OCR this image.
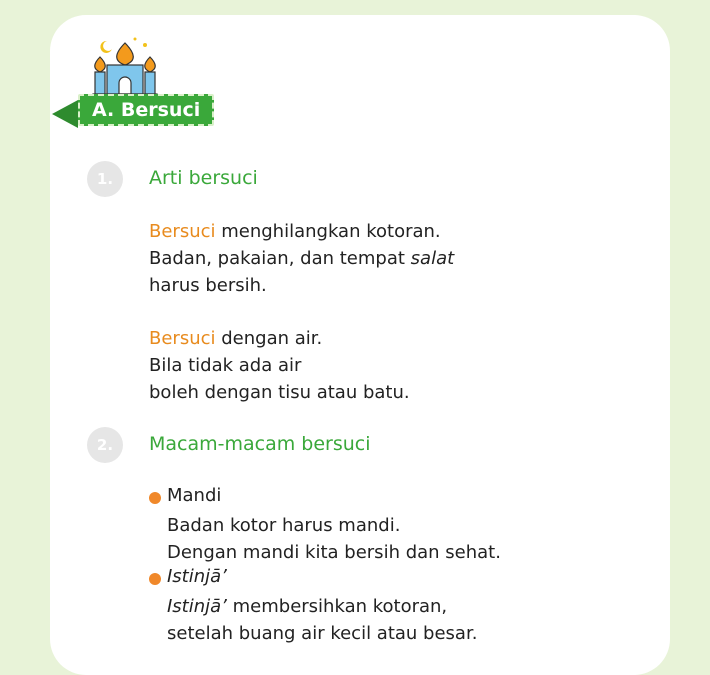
A. Bersuci
1.	Arti bersuci
Bersuci menghilangkan kotoran.
Badan, pakaian, dan tempat salat
harus bersih.
Bersuci dengan air.
Bila tidak ada air
boleh dengan tisu atau batu.
2.	Macam-macam bersuci
Mandi
Badan kotor harus mandi.
Dengan mandi kita bersih dan sehat.
Istinjā’
Istinjā’ membersihkan kotoran,
setelah buang air kecil atau besar.
